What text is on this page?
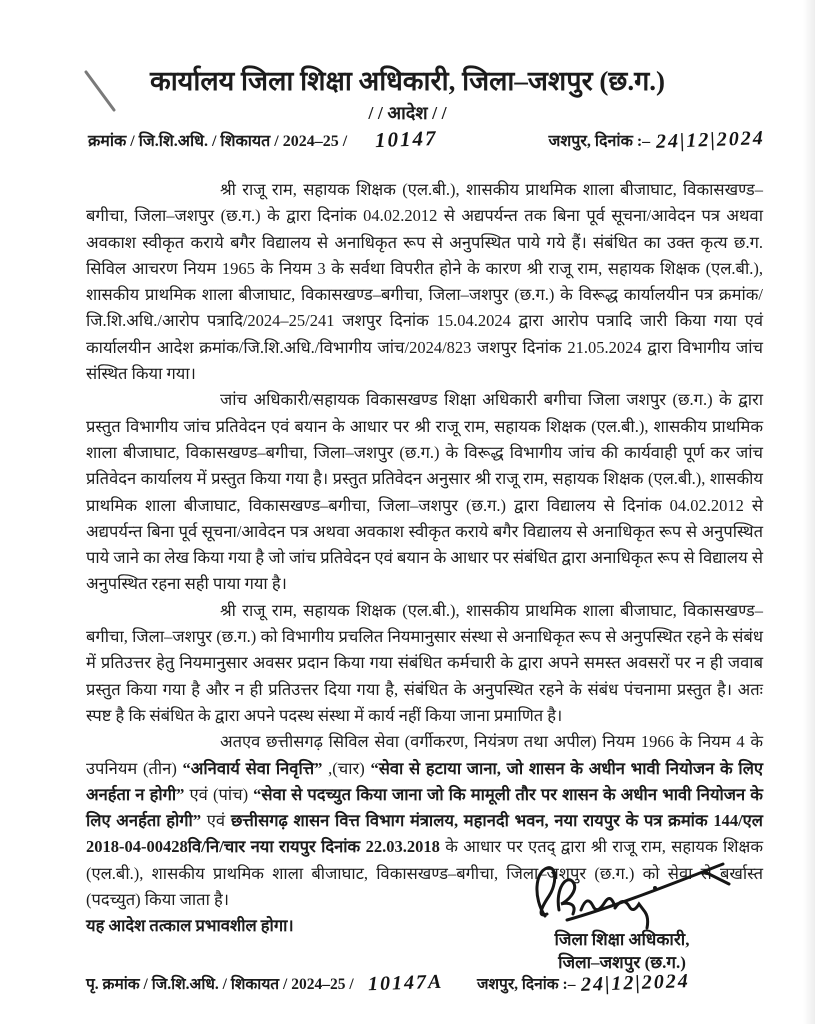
कार्यालय जिला शिक्षा अधिकारी, जिला–जशपुर (छ.ग.)
/ / आदेश / /
क्रमांक / जि.शि.अधि. / शिकायत / 2024–25 / 10147	जशपुर, दिनांक :– 24|12|2024

श्री राजू राम, सहायक शिक्षक (एल.बी.), शासकीय प्राथमिक शाला बीजाघाट, विकासखण्ड–बगीचा, जिला–जशपुर (छ.ग.) के द्वारा दिनांक 04.02.2012 से अद्यपर्यन्त तक बिना पूर्व सूचना/आवेदन पत्र अथवा अवकाश स्वीकृत कराये बगैर विद्यालय से अनाधिकृत रूप से अनुपस्थित पाये गये हैं। संबंधित का उक्त कृत्य छ.ग. सिविल आचरण नियम 1965 के नियम 3 के सर्वथा विपरीत होने के कारण श्री राजू राम, सहायक शिक्षक (एल.बी.), शासकीय प्राथमिक शाला बीजाघाट, विकासखण्ड–बगीचा, जिला–जशपुर (छ.ग.) के विरूद्ध कार्यालयीन पत्र क्रमांक/जि.शि.अधि./आरोप पत्रादि/2024–25/241 जशपुर दिनांक 15.04.2024 द्वारा आरोप पत्रादि जारी किया गया एवं कार्यालयीन आदेश क्रमांक/जि.शि.अधि./विभागीय जांच/2024/823 जशपुर दिनांक 21.05.2024 द्वारा विभागीय जांच संस्थित किया गया।

जांच अधिकारी/सहायक विकासखण्ड शिक्षा अधिकारी बगीचा जिला जशपुर (छ.ग.) के द्वारा प्रस्तुत विभागीय जांच प्रतिवेदन एवं बयान के आधार पर श्री राजू राम, सहायक शिक्षक (एल.बी.), शासकीय प्राथमिक शाला बीजाघाट, विकासखण्ड–बगीचा, जिला–जशपुर (छ.ग.) के विरूद्ध विभागीय जांच की कार्यवाही पूर्ण कर जांच प्रतिवेदन कार्यालय में प्रस्तुत किया गया है। प्रस्तुत प्रतिवेदन अनुसार श्री राजू राम, सहायक शिक्षक (एल.बी.), शासकीय प्राथमिक शाला बीजाघाट, विकासखण्ड–बगीचा, जिला–जशपुर (छ.ग.) द्वारा विद्यालय से दिनांक 04.02.2012 से अद्यपर्यन्त बिना पूर्व सूचना/आवेदन पत्र अथवा अवकाश स्वीकृत कराये बगैर विद्यालय से अनाधिकृत रूप से अनुपस्थित पाये जाने का लेख किया गया है जो जांच प्रतिवेदन एवं बयान के आधार पर संबंधित द्वारा अनाधिकृत रूप से विद्यालय से अनुपस्थित रहना सही पाया गया है।

श्री राजू राम, सहायक शिक्षक (एल.बी.), शासकीय प्राथमिक शाला बीजाघाट, विकासखण्ड–बगीचा, जिला–जशपुर (छ.ग.) को विभागीय प्रचलित नियमानुसार संस्था से अनाधिकृत रूप से अनुपस्थित रहने के संबंध में प्रतिउत्तर हेतु नियमानुसार अवसर प्रदान किया गया संबंधित कर्मचारी के द्वारा अपने समस्त अवसरों पर न ही जवाब प्रस्तुत किया गया है और न ही प्रतिउत्तर दिया गया है, संबंधित के अनुपस्थित रहने के संबंध पंचनामा प्रस्तुत है। अतः स्पष्ट है कि संबंधित के द्वारा अपने पदस्थ संस्था में कार्य नहीं किया जाना प्रमाणित है।

अतएव छत्तीसगढ़ सिविल सेवा (वर्गीकरण, नियंत्रण तथा अपील) नियम 1966 के नियम 4 के उपनियम (तीन) “अनिवार्य सेवा निवृत्ति” ,(चार) “सेवा से हटाया जाना, जो शासन के अधीन भावी नियोजन के लिए अनर्हता न होगी” एवं (पांच) “सेवा से पदच्युत किया जाना जो कि मामूली तौर पर शासन के अधीन भावी नियोजन के लिए अनर्हता होगी” एवं छत्तीसगढ़ शासन वित्त विभाग मंत्रालय, महानदी भवन, नया रायपुर के पत्र क्रमांक 144/एल 2018-04-00428वि/नि/चार नया रायपुर दिनांक 22.03.2018 के आधार पर एतद् द्वारा श्री राजू राम, सहायक शिक्षक (एल.बी.), शासकीय प्राथमिक शाला बीजाघाट, विकासखण्ड–बगीचा, जिला–जशपुर (छ.ग.) को सेवा से बर्खास्त (पदच्युत) किया जाता है।

यह आदेश तत्काल प्रभावशील होगा।

जिला शिक्षा अधिकारी,
जिला–जशपुर (छ.ग.)
पृ. क्रमांक / जि.शि.अधि. / शिकायत / 2024–25 / 10147A जशपुर, दिनांक :– 24|12|2024
